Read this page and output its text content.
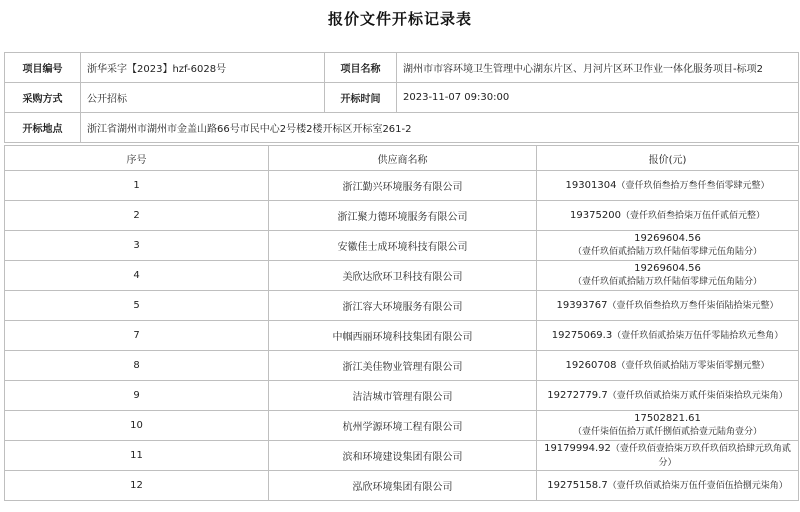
报价文件开标记录表
项目编号	浙华采字【2023】hzf-6028号	项目名称	湖州市市容环境卫生管理中心湖东片区、月河片区环卫作业一体化服务项目-标项2
采购方式	公开招标	开标时间	2023-11-07 09:30:00
开标地点	浙江省湖州市湖州市金盖山路66号市民中心2号楼2楼开标区开标室261-2		
序号	供应商名称	报价(元)
1	浙江勤兴环境服务有限公司	19301304（壹仟玖佰叁拾万叁仟叁佰零肆元整）
2	浙江聚力德环境服务有限公司	19375200（壹仟玖佰叁拾柒万伍仟贰佰元整）
3	安徽佳士成环境科技有限公司	19269604.56（壹仟玖佰贰拾陆万玖仟陆佰零肆元伍角陆分）
4	美欣达欣环卫科技有限公司	19269604.56（壹仟玖佰贰拾陆万玖仟陆佰零肆元伍角陆分）
5	浙江容大环境服务有限公司	19393767（壹仟玖佰叁拾玖万叁仟柒佰陆拾柒元整）
7	中帼西丽环境科技集团有限公司	19275069.3（壹仟玖佰贰拾柒万伍仟零陆拾玖元叁角）
8	浙江美佳物业管理有限公司	19260708（壹仟玖佰贰拾陆万零柒佰零捌元整）
9	洁洁城市管理有限公司	19272779.7（壹仟玖佰贰拾柒万贰仟柒佰柒拾玖元柒角）
10	杭州学源环境工程有限公司	17502821.61（壹仟柒佰伍拾万贰仟捌佰贰拾壹元陆角壹分）
11	滨和环境建设集团有限公司	19179994.92（壹仟玖佰壹拾柒万玖仟玖佰玖拾肆元玖角贰分）
12	泓欣环境集团有限公司	19275158.7（壹仟玖佰贰拾柒万伍仟壹佰伍拾捌元柒角）
